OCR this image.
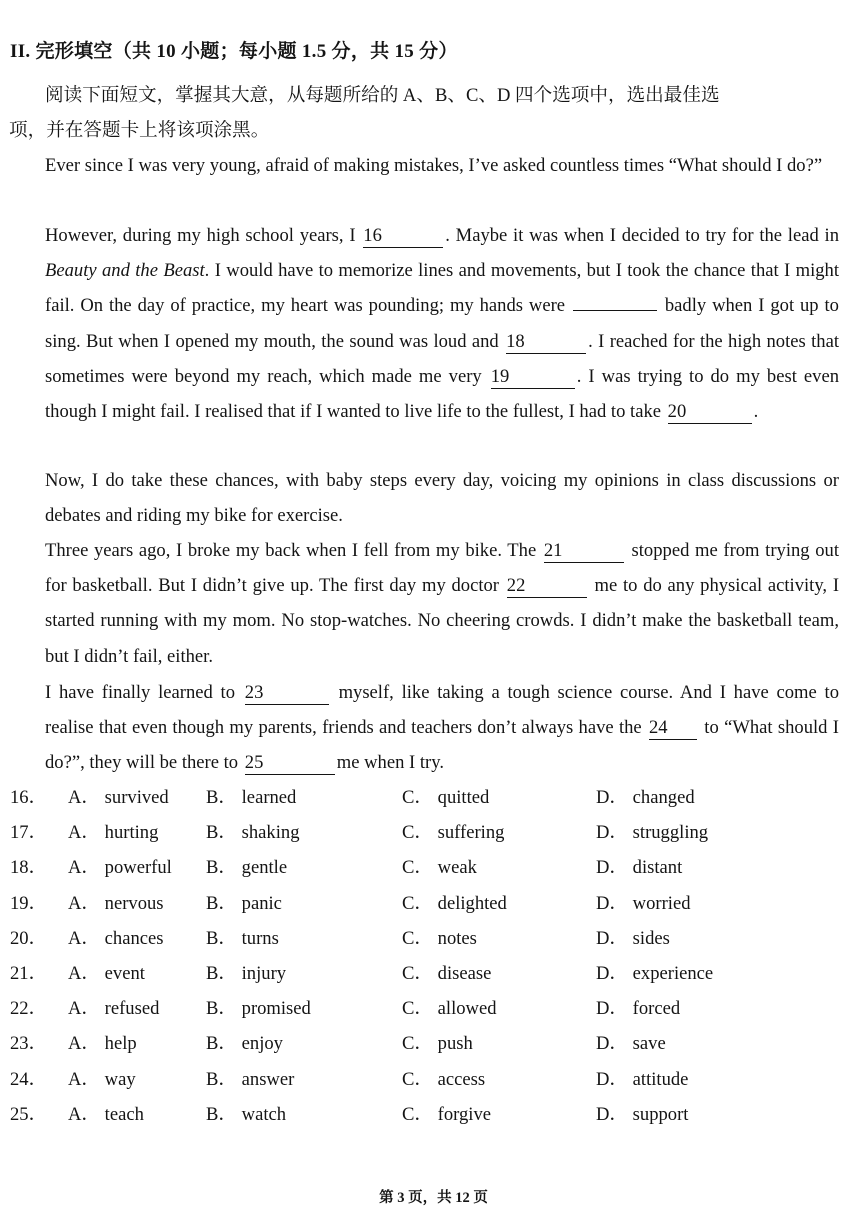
II. 完形填空（共 10 小题；每小题 1.5 分，共 15 分）
阅读下面短文，掌握其大意，从每题所给的 A、B、C、D 四个选项中，选出最佳选
项，并在答题卡上将该项涂黑。
Ever since I was very young, afraid of making mistakes, I’ve asked countless times “What should I do?”
However, during my high school years, I 16	. Maybe it was when I decided to try for the lead in Beauty and the Beast. I would have to memorize lines and movements, but I took the chance that I might fail. On the day of practice, my heart was pounding; my hands were	badly when I got up to sing. But when I opened my mouth, the sound was loud and 18	. I reached for the high notes that sometimes were beyond my reach, which made me very 19	. I was trying to do my best even though I might fail. I realised that if I wanted to live life to the fullest, I had to take 20	.
Now, I do take these chances, with baby steps every day, voicing my opinions in class discussions or debates and riding my bike for exercise.
Three years ago, I broke my back when I fell from my bike. The 21	stopped me from trying out for basketball. But I didn’t give up. The first day my doctor 22	me to do any physical activity, I started running with my mom. No stop-watches. No cheering crowds. I didn’t make the basketball team, but I didn’t fail, either.
I have finally learned to 23	myself, like taking a tough science course. And I have come to realise that even though my parents, friends and teachers don’t always have the 24 to “What should I do?”, they will be there to 25	me when I try.
16． A． survived B． learned	C． quitted	D． changed
17． A． hurting	B． shaking	C． suffering	D． struggling
18． A． powerful B． gentle	C． weak	D． distant
19． A． nervous B． panic	C． delighted	D． worried
20． A． chances B． turns	C． notes	D． sides
21． A． event	B． injury	C． disease	D． experience
22． A． refused	B． promised	C． allowed	D． forced
23． A． help	B． enjoy	C． push	D． save
24． A． way	B． answer	C． access	D． attitude
25． A． teach	B． watch	C． forgive	D． support
第 3 页，共 12 页
